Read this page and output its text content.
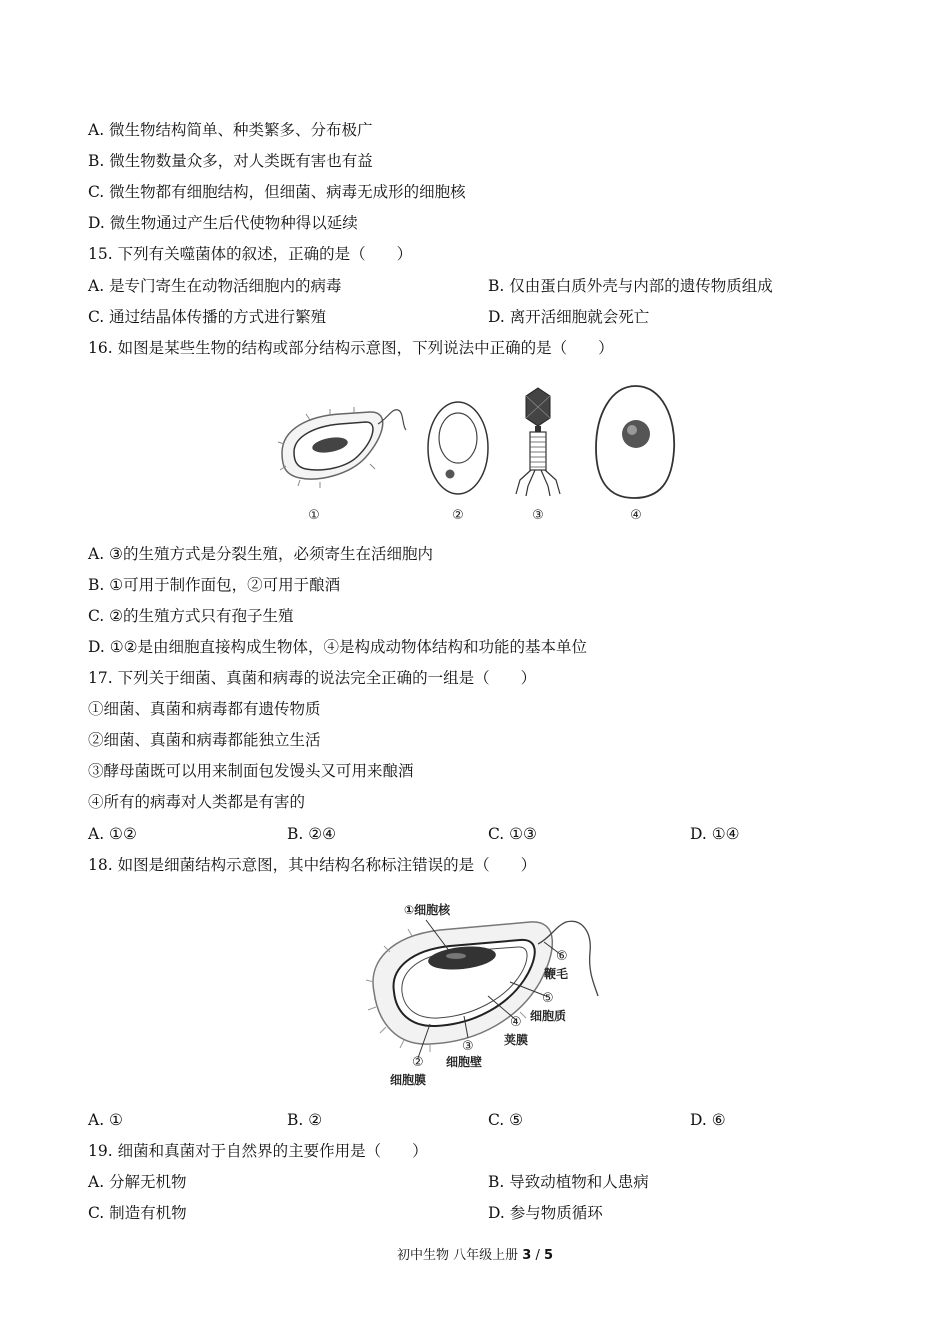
A. 微生物结构简单、种类繁多、分布极广
B. 微生物数量众多，对人类既有害也有益
C. 微生物都有细胞结构，但细菌、病毒无成形的细胞核
D. 微生物通过产生后代使物种得以延续
15. 下列有关噬菌体的叙述，正确的是（　　）
A. 是专门寄生在动物活细胞内的病毒	B. 仅由蛋白质外壳与内部的遗传物质组成
C. 通过结晶体传播的方式进行繁殖	D. 离开活细胞就会死亡
16. 如图是某些生物的结构或部分结构示意图，下列说法中正确的是（　　）
①	②	③	④
A. ③的生殖方式是分裂生殖，必须寄生在活细胞内
B. ①可用于制作面包，②可用于酿酒
C. ②的生殖方式只有孢子生殖
D. ①②是由细胞直接构成生物体，④是构成动物体结构和功能的基本单位
17. 下列关于细菌、真菌和病毒的说法完全正确的一组是（　　）
①细菌、真菌和病毒都有遗传物质
②细菌、真菌和病毒都能独立生活
③酵母菌既可以用来制面包发馒头又可用来酿酒
④所有的病毒对人类都是有害的
A. ①②	B. ②④	C. ①③	D. ①④
18. 如图是细菌结构示意图，其中结构名称标注错误的是（　　）
①细胞核
⑥
鞭毛
⑤
细胞质
④
荚膜
③
细胞壁
②
细胞膜
A. ①	B. ②	C. ⑤	D. ⑥
19. 细菌和真菌对于自然界的主要作用是（　　）
A. 分解无机物	B. 导致动植物和人患病
C. 制造有机物	D. 参与物质循环
初中生物 八年级上册 3 / 5
